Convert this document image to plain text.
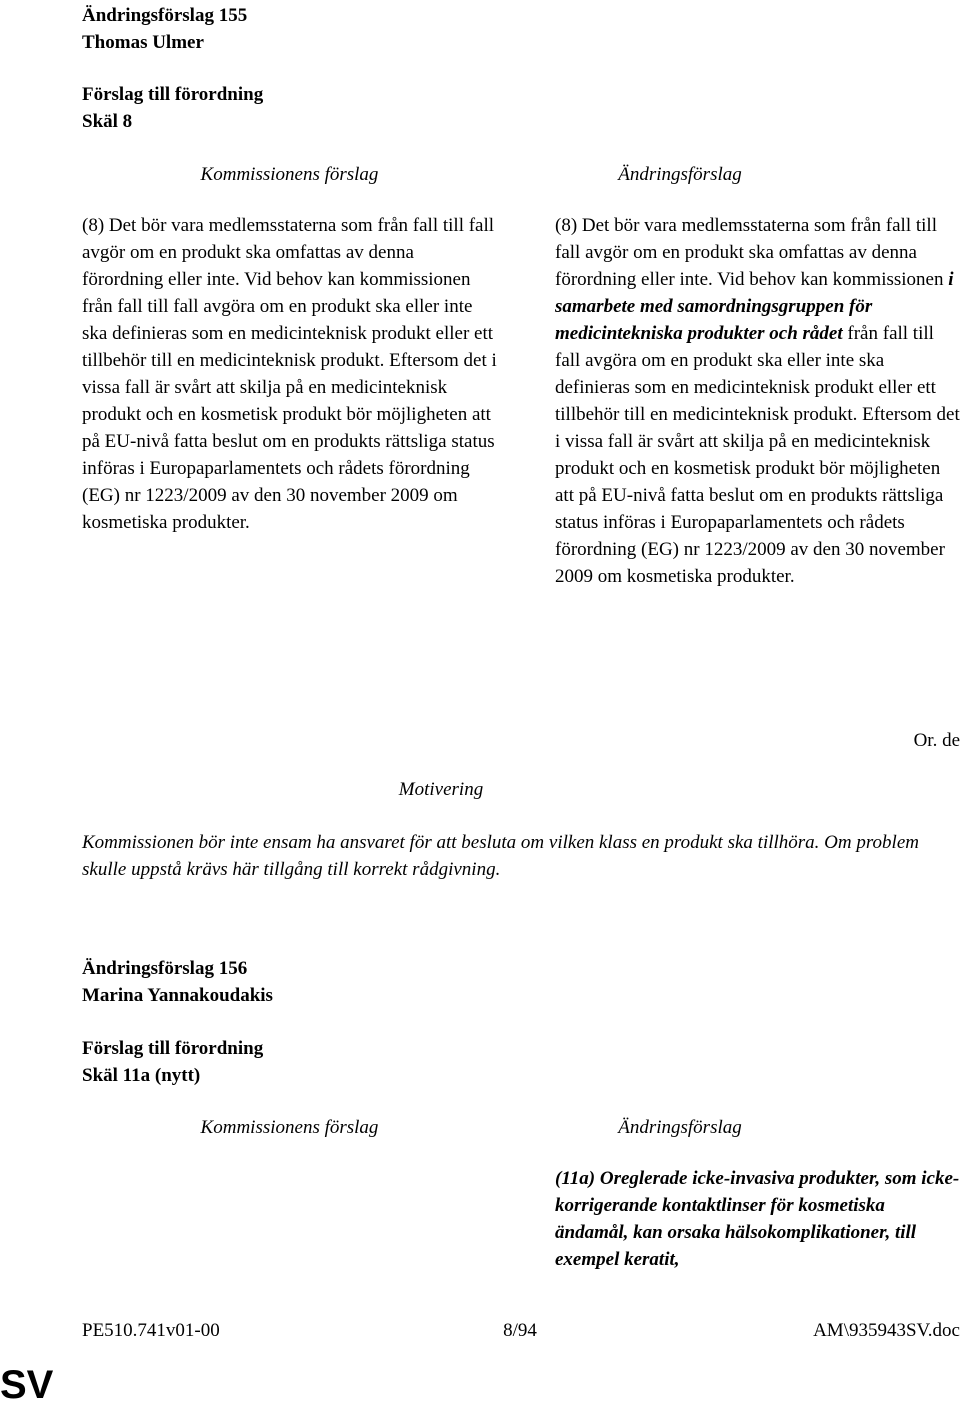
Ändringsförslag 155
Thomas Ulmer
Förslag till förordning
Skäl 8
Kommissionens förslag	Ändringsförslag

(8) Det bör vara medlemsstaterna som från fall till fall avgör om en produkt ska omfattas av denna förordning eller inte. Vid behov kan kommissionen från fall till fall avgöra om en produkt ska eller inte ska definieras som en medicinteknisk produkt eller ett tillbehör till en medicinteknisk produkt. Eftersom det i vissa fall är svårt att skilja på en medicinteknisk produkt och en kosmetisk produkt bör möjligheten att på EU-nivå fatta beslut om en produkts rättsliga status införas i Europaparlamentets och rådets förordning (EG) nr 1223/2009 av den 30 november 2009 om kosmetiska produkter.

(8) Det bör vara medlemsstaterna som från fall till fall avgör om en produkt ska omfattas av denna förordning eller inte. Vid behov kan kommissionen i samarbete med samordningsgruppen för medicintekniska produkter och rådet från fall till fall avgöra om en produkt ska eller inte ska definieras som en medicinteknisk produkt eller ett tillbehör till en medicinteknisk produkt. Eftersom det i vissa fall är svårt att skilja på en medicinteknisk produkt och en kosmetisk produkt bör möjligheten att på EU-nivå fatta beslut om en produkts rättsliga status införas i Europaparlamentets och rådets förordning (EG) nr 1223/2009 av den 30 november 2009 om kosmetiska produkter.

Or. de
Motivering

Kommissionen bör inte ensam ha ansvaret för att besluta om vilken klass en produkt ska tillhöra. Om problem skulle uppstå krävs här tillgång till korrekt rådgivning.

Ändringsförslag 156
Marina Yannakoudakis
Förslag till förordning
Skäl 11a (nytt)
Kommissionens förslag	Ändringsförslag

(11a) Oreglerade icke-invasiva produkter, som icke-korrigerande kontaktlinser för kosmetiska ändamål, kan orsaka hälsokomplikationer, till exempel keratit,

PE510.741v01-00	8/94	AM\935943SV.doc
SV
